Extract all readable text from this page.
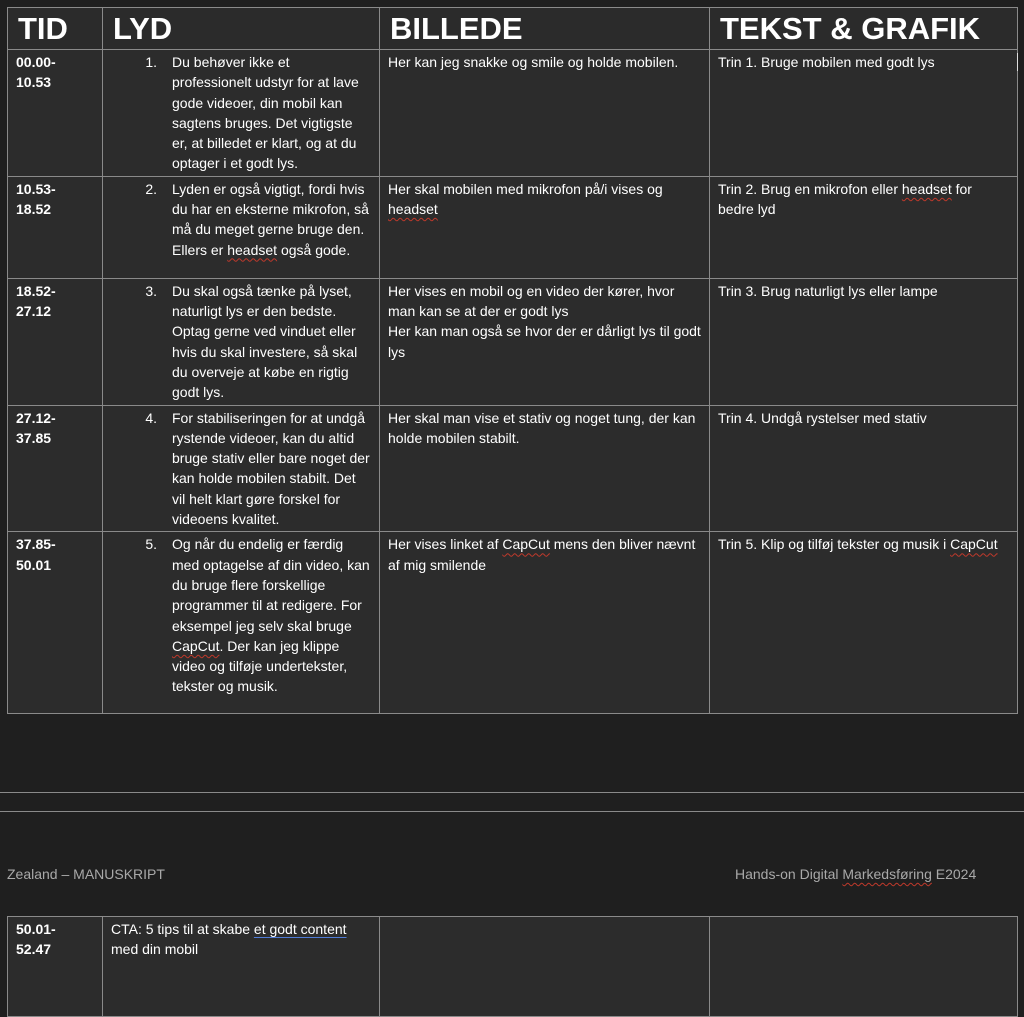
TID	LYD	BILLEDE	TEKST & GRAFIK
00.00-
10.53	1. Du behøver ikke et professionelt udstyr for at lave gode videoer, din mobil kan sagtens bruges. Det vigtigste er, at billedet er klart, og at du optager i et godt lys.	Her kan jeg snakke og smile og holde mobilen.	Trin 1. Bruge mobilen med godt lys
10.53-
18.52	2. Lyden er også vigtigt, fordi hvis du har en eksterne mikrofon, så må du meget gerne bruge den. Ellers er headset også gode.	Her skal mobilen med mikrofon på/i vises og headset	Trin 2. Brug en mikrofon eller headset for bedre lyd
18.52-
27.12	3. Du skal også tænke på lyset, naturligt lys er den bedste. Optag gerne ved vinduet eller hvis du skal investere, så skal du overveje at købe en rigtig godt lys.	Her vises en mobil og en video der kører, hvor man kan se at der er godt lys
Her kan man også se hvor der er dårligt lys til godt lys	Trin 3. Brug naturligt lys eller lampe
27.12-
37.85	4. For stabiliseringen for at undgå rystende videoer, kan du altid bruge stativ eller bare noget der kan holde mobilen stabilt. Det vil helt klart gøre forskel for videoens kvalitet.	Her skal man vise et stativ og noget tung, der kan holde mobilen stabilt.	Trin 4. Undgå rystelser med stativ
37.85-
50.01	5. Og når du endelig er færdig med optagelse af din video, kan du bruge flere forskellige programmer til at redigere. For eksempel jeg selv skal bruge CapCut. Der kan jeg klippe video og tilføje undertekster, tekster og musik.	Her vises linket af CapCut mens den bliver nævnt af mig smilende	Trin 5. Klip og tilføj tekster og musik i CapCut
Zealand – MANUSKRIPT	Hands-on Digital Markedsføring E2024
50.01-
52.47	CTA: 5 tips til at skabe et godt content med din mobil		
